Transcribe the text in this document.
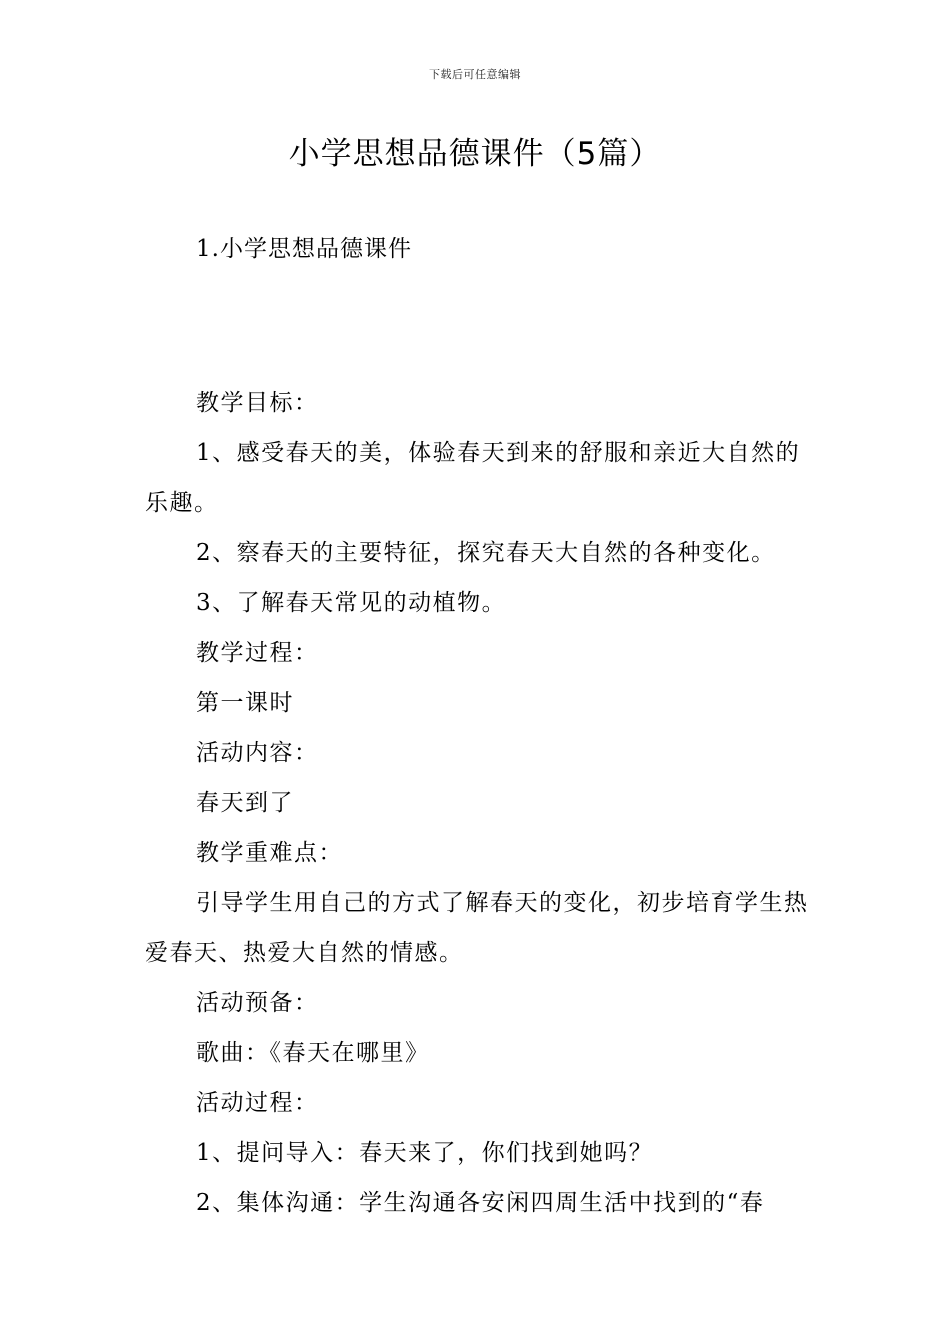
下载后可任意编辑
小学思想品德课件（5篇）
1.小学思想品德课件

教学目标：

1、感受春天的美，体验春天到来的舒服和亲近大自然的乐趣。

2、察春天的主要特征，探究春天大自然的各种变化。

3、了解春天常见的动植物。

教学过程：

第一课时

活动内容：

春天到了

教学重难点：

引导学生用自己的方式了解春天的变化，初步培育学生热爱春天、热爱大自然的情感。

活动预备：

歌曲：《春天在哪里》

活动过程：

1、提问导入：春天来了，你们找到她吗？

2、集体沟通：学生沟通各安闲四周生活中找到的“春
